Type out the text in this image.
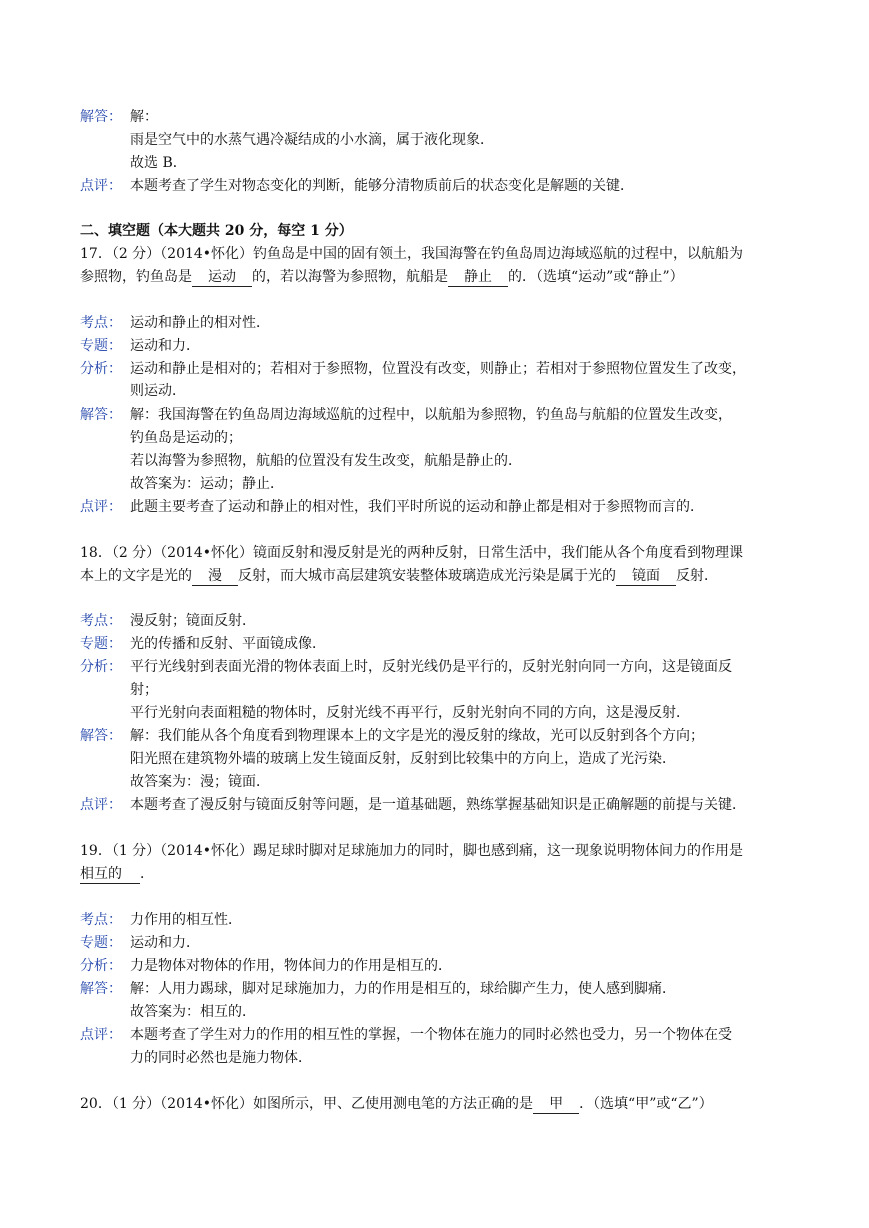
解答： 解：
雨是空气中的水蒸气遇冷凝结成的小水滴，属于液化现象．
故选 B．
点评： 本题考查了学生对物态变化的判断，能够分清物质前后的状态变化是解题的关键．
二、填空题（本大题共 20 分，每空 1 分）
17．（2 分）（2014•怀化）钓鱼岛是中国的固有领土，我国海警在钓鱼岛周边海域巡航的过程中，以航船为
参照物，钓鱼岛是 运动 的，若以海警为参照物，航船是 静止 的．（选填“运动”或“静止”）
考点： 运动和静止的相对性．
专题： 运动和力．
分析： 运动和静止是相对的；若相对于参照物，位置没有改变，则静止；若相对于参照物位置发生了改变，
则运动．
解答： 解：我国海警在钓鱼岛周边海域巡航的过程中，以航船为参照物，钓鱼岛与航船的位置发生改变，
钓鱼岛是运动的；
若以海警为参照物，航船的位置没有发生改变，航船是静止的．
故答案为：运动；静止．
点评： 此题主要考查了运动和静止的相对性，我们平时所说的运动和静止都是相对于参照物而言的．
18．（2 分）（2014•怀化）镜面反射和漫反射是光的两种反射，日常生活中，我们能从各个角度看到物理课
本上的文字是光的 漫 反射，而大城市高层建筑安装整体玻璃造成光污染是属于光的 镜面 反射．
考点： 漫反射；镜面反射．
专题： 光的传播和反射、平面镜成像．
分析： 平行光线射到表面光滑的物体表面上时，反射光线仍是平行的，反射光射向同一方向，这是镜面反
射；
平行光射向表面粗糙的物体时，反射光线不再平行，反射光射向不同的方向，这是漫反射．
解答： 解：我们能从各个角度看到物理课本上的文字是光的漫反射的缘故，光可以反射到各个方向；
阳光照在建筑物外墙的玻璃上发生镜面反射，反射到比较集中的方向上，造成了光污染．
故答案为：漫；镜面．
点评： 本题考查了漫反射与镜面反射等问题，是一道基础题，熟练掌握基础知识是正确解题的前提与关键．
19．（1 分）（2014•怀化）踢足球时脚对足球施加力的同时，脚也感到痛，这一现象说明物体间力的作用是
相互的 ．
考点： 力作用的相互性．
专题： 运动和力．
分析： 力是物体对物体的作用，物体间力的作用是相互的．
解答： 解：人用力踢球，脚对足球施加力，力的作用是相互的，球给脚产生力，使人感到脚痛．
故答案为：相互的．
点评： 本题考查了学生对力的作用的相互性的掌握，一个物体在施力的同时必然也受力，另一个物体在受
力的同时必然也是施力物体．
20．（1 分）（2014•怀化）如图所示，甲、乙使用测电笔的方法正确的是 甲 ．（选填“甲”或“乙”）
